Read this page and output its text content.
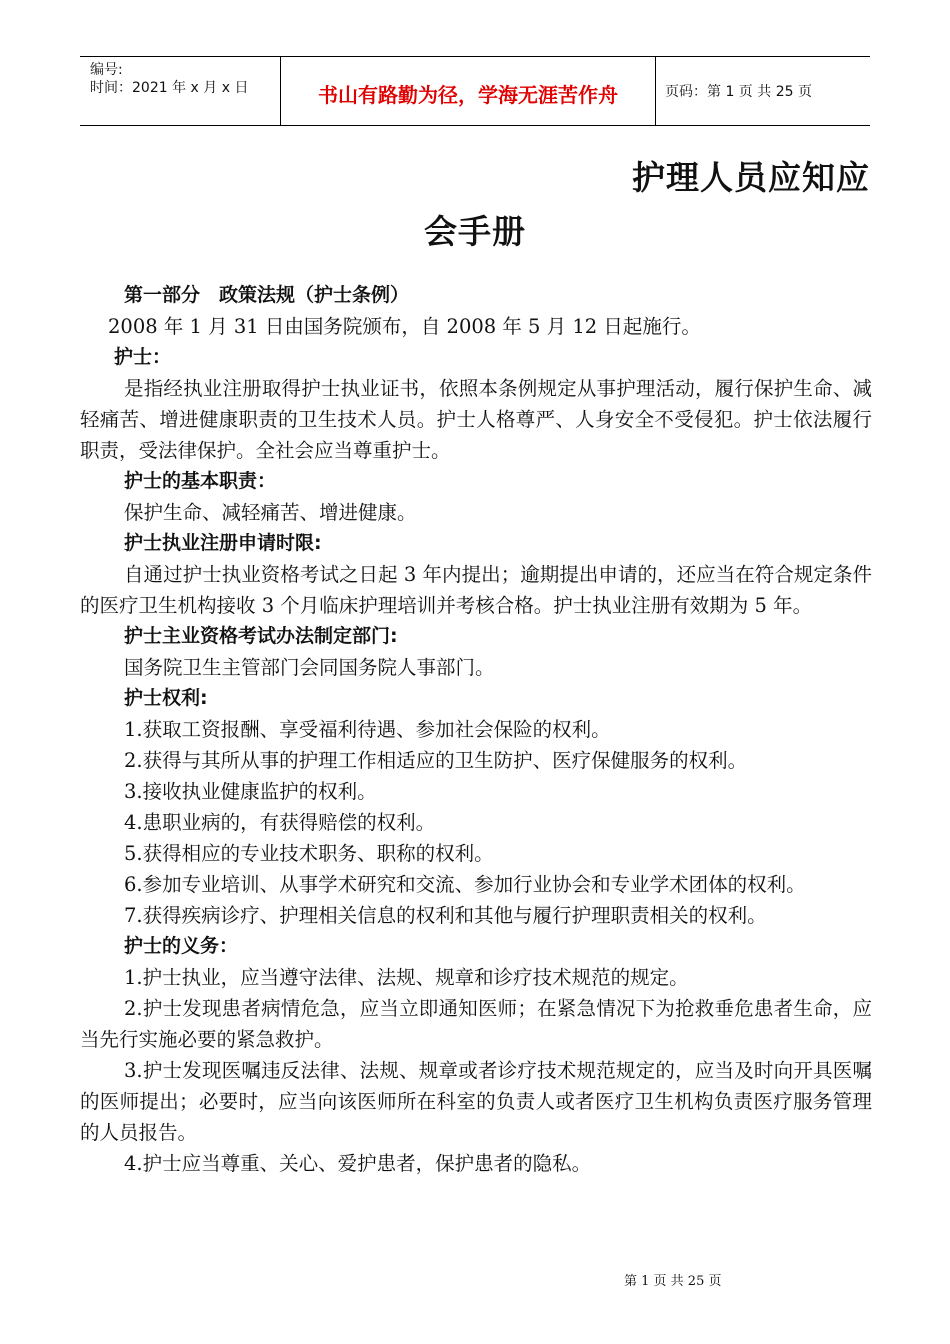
编号:
时间：2021 年 x 月 x 日	书山有路勤为径，学海无涯苦作舟	页码：第 1 页 共 25 页
护理人员应知应
会手册

第一部分　政策法规（护士条例）

2008 年 1 月 31 日由国务院颁布，自 2008 年 5 月 12 日起施行。

护士：

是指经执业注册取得护士执业证书，依照本条例规定从事护理活动，履行保护生命、减轻痛苦、增进健康职责的卫生技术人员。护士人格尊严、人身安全不受侵犯。护士依法履行职责，受法律保护。全社会应当尊重护士。

护士的基本职责：

保护生命、减轻痛苦、增进健康。

护士执业注册申请时限:

自通过护士执业资格考试之日起 3 年内提出；逾期提出申请的，还应当在符合规定条件的医疗卫生机构接收 3 个月临床护理培训并考核合格。护士执业注册有效期为 5 年。

护士主业资格考试办法制定部门:

国务院卫生主管部门会同国务院人事部门。

护士权利:

1.获取工资报酬、享受福利待遇、参加社会保险的权利。

2.获得与其所从事的护理工作相适应的卫生防护、医疗保健服务的权利。

3.接收执业健康监护的权利。

4.患职业病的，有获得赔偿的权利。

5.获得相应的专业技术职务、职称的权利。

6.参加专业培训、从事学术研究和交流、参加行业协会和专业学术团体的权利。

7.获得疾病诊疗、护理相关信息的权利和其他与履行护理职责相关的权利。

护士的义务：

1.护士执业，应当遵守法律、法规、规章和诊疗技术规范的规定。

2.护士发现患者病情危急，应当立即通知医师；在紧急情况下为抢救垂危患者生命，应当先行实施必要的紧急救护。

3.护士发现医嘱违反法律、法规、规章或者诊疗技术规范规定的，应当及时向开具医嘱的医师提出；必要时，应当向该医师所在科室的负责人或者医疗卫生机构负责医疗服务管理的人员报告。

4.护士应当尊重、关心、爱护患者，保护患者的隐私。

第 1 页 共 25 页
